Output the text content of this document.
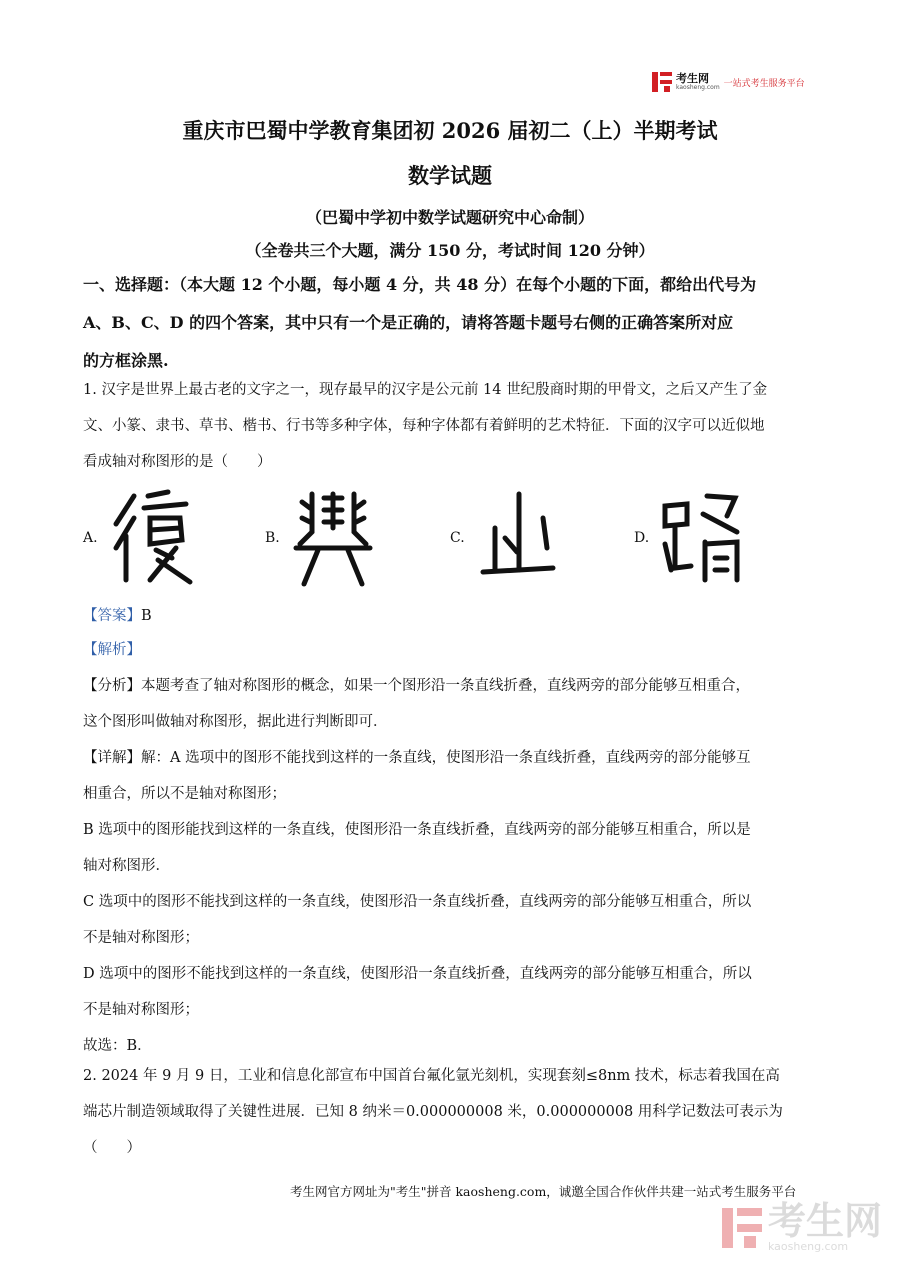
考生网
kaosheng.com 一站式考生服务平台
重庆市巴蜀中学教育集团初 2026 届初二（上）半期考试
数学试题
（巴蜀中学初中数学试题研究中心命制）
（全卷共三个大题，满分 150 分，考试时间 120 分钟）
一、选择题：（本大题 12 个小题，每小题 4 分，共 48 分）在每个小题的下面，都给出代号为
A、B、C、D 的四个答案，其中只有一个是正确的，请将答题卡题号右侧的正确答案所对应
的方框涂黑.
1. 汉字是世界上最古老的文字之一，现存最早的汉字是公元前 14 世纪殷商时期的甲骨文，之后又产生了金
文、小篆、隶书、草书、楷书、行书等多种字体，每种字体都有着鲜明的艺术特征．下面的汉字可以近似地
看成轴对称图形的是（　　）
A.	B.	C.	D.
【答案】B
【解析】
【分析】本题考查了轴对称图形的概念，如果一个图形沿一条直线折叠，直线两旁的部分能够互相重合，
这个图形叫做轴对称图形，据此进行判断即可．
【详解】解：A 选项中的图形不能找到这样的一条直线，使图形沿一条直线折叠，直线两旁的部分能够互
相重合，所以不是轴对称图形；
B 选项中的图形能找到这样的一条直线，使图形沿一条直线折叠，直线两旁的部分能够互相重合，所以是
轴对称图形．
C 选项中的图形不能找到这样的一条直线，使图形沿一条直线折叠，直线两旁的部分能够互相重合，所以
不是轴对称图形；
D 选项中的图形不能找到这样的一条直线，使图形沿一条直线折叠，直线两旁的部分能够互相重合，所以
不是轴对称图形；
故选：B．
2. 2024 年 9 月 9 日，工业和信息化部宣布中国首台氟化氩光刻机，实现套刻≤8nm 技术，标志着我国在高
端芯片制造领域取得了关键性进展．已知 8 纳米＝0.000000008 米，0.000000008 用科学记数法可表示为
（　　）
考生网官方网址为"考生"拼音 kaosheng.com，诚邀全国合作伙伴共建一站式考生服务平台
考生网
kaosheng.com
